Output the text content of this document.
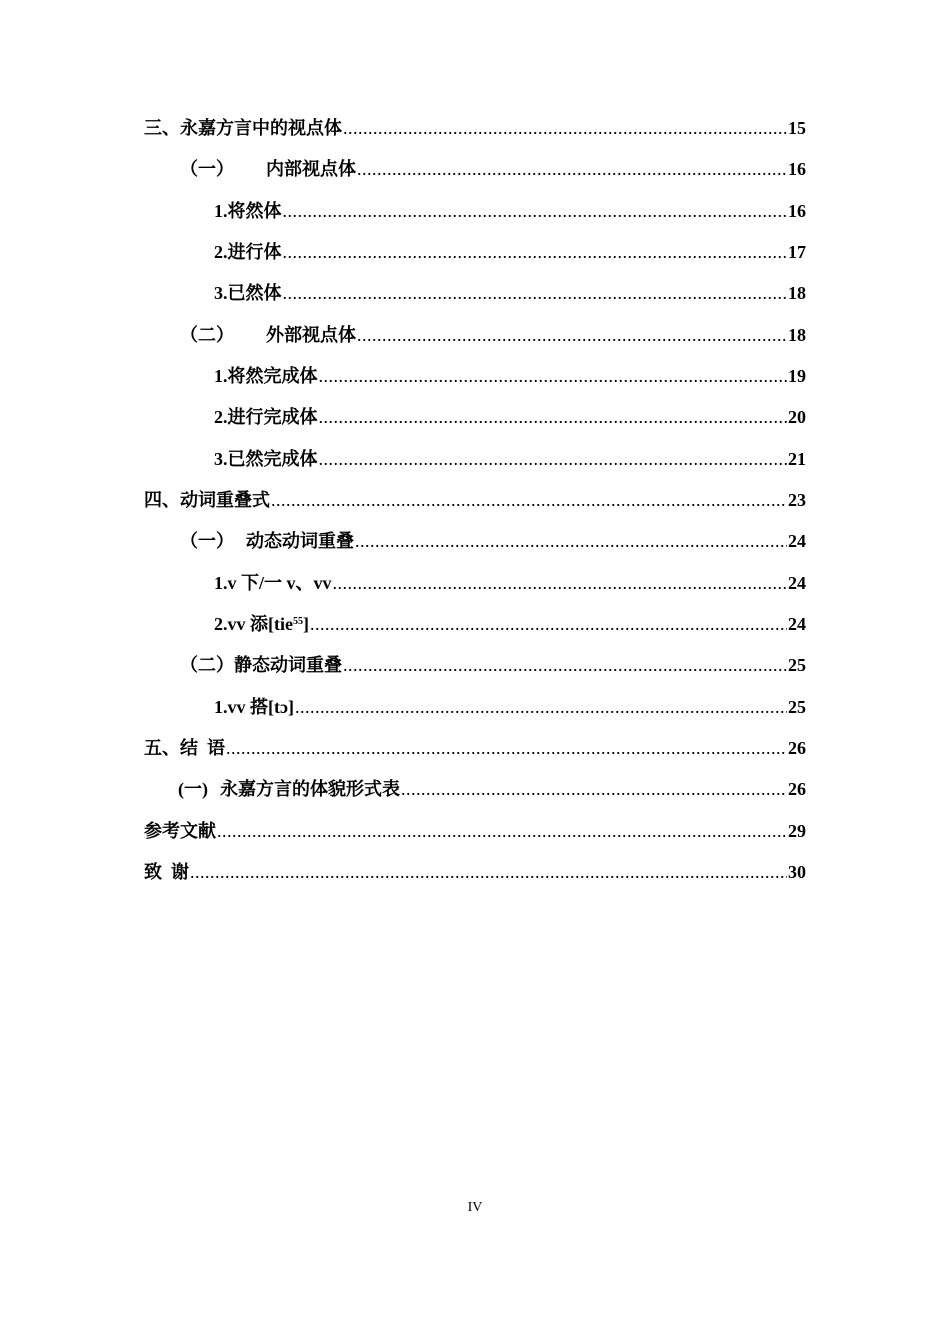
三、永嘉方言中的视点体 .....	15
（一） 内部视点体 .....	16
1.将然体 .....	16
2.进行体 .....	17
3.已然体 .....	18
（二） 外部视点体 .....	18
1.将然完成体 .....	19
2.进行完成体 .....	20
3.已然完成体 .....	21
四、动词重叠式 .....	23
（一） 动态动词重叠 .....	24
1.v 下/一 v、vv .....	24
2.vv 添[tie$^{55}$] .....	24
（二）静态动词重叠 .....	25
1.vv 搭[tɔ] .....	25
五、结  语 .....	26
(一) 永嘉方言的体貌形式表 .....	26
参考文献 .....	29
致  谢 .....	30
IV
